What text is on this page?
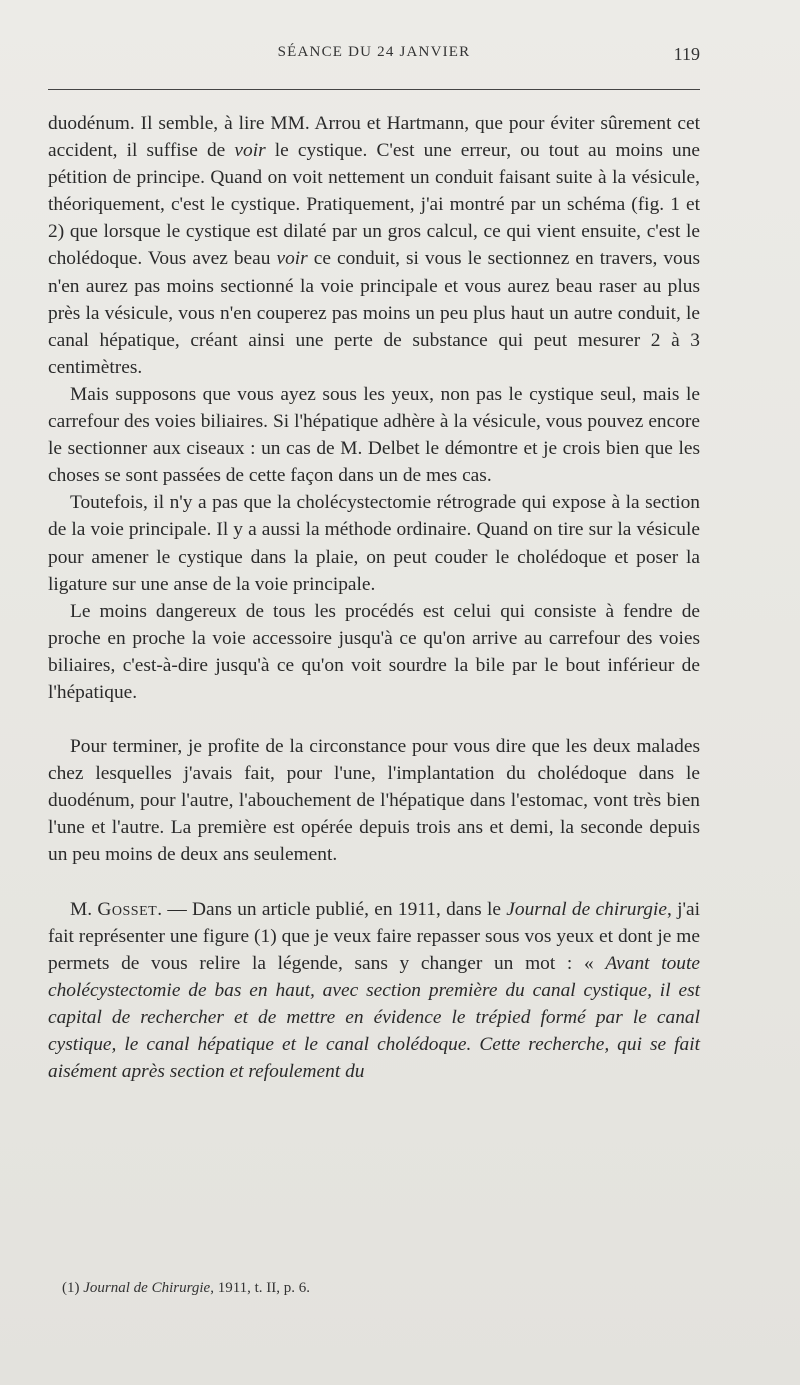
SÉANCE DU 24 JANVIER	119

duodénum. Il semble, à lire MM. Arrou et Hartmann, que pour éviter sûrement cet accident, il suffise de voir le cystique. C'est une erreur, ou tout au moins une pétition de principe. Quand on voit nettement un conduit faisant suite à la vésicule, théoriquement, c'est le cystique. Pratiquement, j'ai montré par un schéma (fig. 1 et 2) que lorsque le cystique est dilaté par un gros calcul, ce qui vient ensuite, c'est le cholédoque. Vous avez beau voir ce conduit, si vous le sectionnez en travers, vous n'en aurez pas moins sectionné la voie principale et vous aurez beau raser au plus près la vésicule, vous n'en couperez pas moins un peu plus haut un autre conduit, le canal hépatique, créant ainsi une perte de substance qui peut mesurer 2 à 3 centimètres.

Mais supposons que vous ayez sous les yeux, non pas le cystique seul, mais le carrefour des voies biliaires. Si l'hépatique adhère à la vésicule, vous pouvez encore le sectionner aux ciseaux : un cas de M. Delbet le démontre et je crois bien que les choses se sont passées de cette façon dans un de mes cas.

Toutefois, il n'y a pas que la cholécystectomie rétrograde qui expose à la section de la voie principale. Il y a aussi la méthode ordinaire. Quand on tire sur la vésicule pour amener le cystique dans la plaie, on peut couder le cholédoque et poser la ligature sur une anse de la voie principale.

Le moins dangereux de tous les procédés est celui qui consiste à fendre de proche en proche la voie accessoire jusqu'à ce qu'on arrive au carrefour des voies biliaires, c'est-à-dire jusqu'à ce qu'on voit sourdre la bile par le bout inférieur de l'hépatique.

Pour terminer, je profite de la circonstance pour vous dire que les deux malades chez lesquelles j'avais fait, pour l'une, l'implantation du cholédoque dans le duodénum, pour l'autre, l'abouchement de l'hépatique dans l'estomac, vont très bien l'une et l'autre. La première est opérée depuis trois ans et demi, la seconde depuis un peu moins de deux ans seulement.

M. Gosset. — Dans un article publié, en 1911, dans le Journal de chirurgie, j'ai fait représenter une figure (1) que je veux faire repasser sous vos yeux et dont je me permets de vous relire la légende, sans y changer un mot : « Avant toute cholécystectomie de bas en haut, avec section première du canal cystique, il est capital de rechercher et de mettre en évidence le trépied formé par le canal cystique, le canal hépatique et le canal cholédoque. Cette recherche, qui se fait aisément après section et refoulement du

(1) Journal de Chirurgie, 1911, t. II, p. 6.
